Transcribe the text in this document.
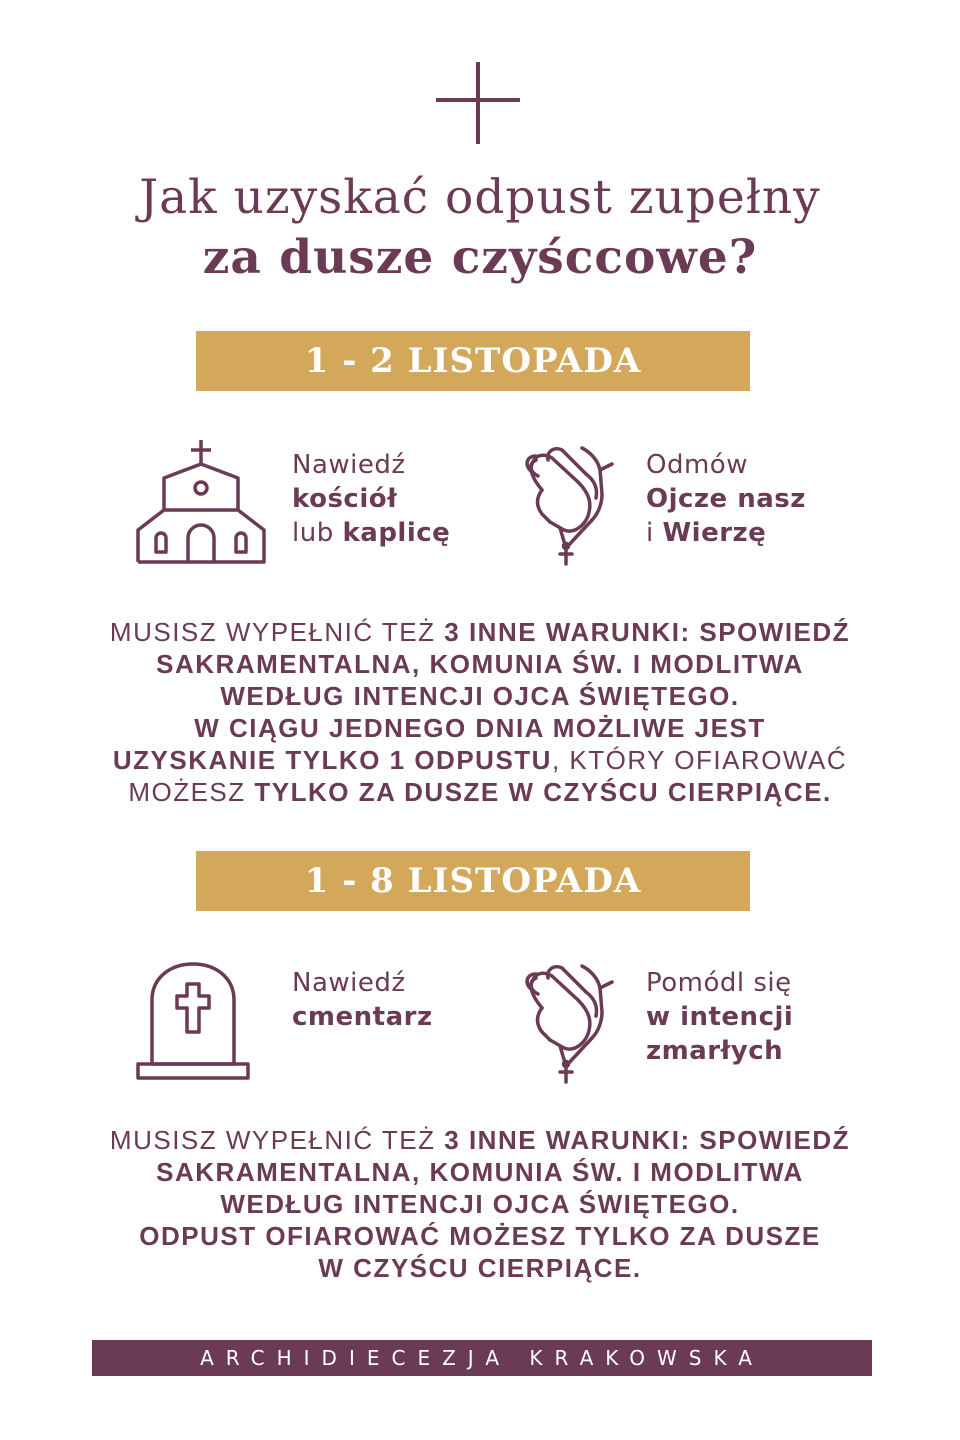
Jak uzyskać odpust zupełny
za dusze czyśccowe?
1 - 2 LISTOPADA
Nawiedź
kościół
lub kaplicę
Odmów
Ojcze nasz
i Wierzę
MUSISZ WYPEŁNIĆ TEŻ 3 INNE WARUNKI: SPOWIEDŹ
SAKRAMENTALNA, KOMUNIA ŚW. I MODLITWA
WEDŁUG INTENCJI OJCA ŚWIĘTEGO.
W CIĄGU JEDNEGO DNIA MOŻLIWE JEST
UZYSKANIE TYLKO 1 ODPUSTU, KTÓRY OFIAROWAĆ
MOŻESZ TYLKO ZA DUSZE W CZYŚCU CIERPIĄCE.
1 - 8 LISTOPADA
Nawiedź
cmentarz
Pomódl się
w intencji
zmarłych
MUSISZ WYPEŁNIĆ TEŻ 3 INNE WARUNKI: SPOWIEDŹ
SAKRAMENTALNA, KOMUNIA ŚW. I MODLITWA
WEDŁUG INTENCJI OJCA ŚWIĘTEGO.
ODPUST OFIAROWAĆ MOŻESZ TYLKO ZA DUSZE
W CZYŚCU CIERPIĄCE.
ARCHIDIECEZJA KRAKOWSKA
